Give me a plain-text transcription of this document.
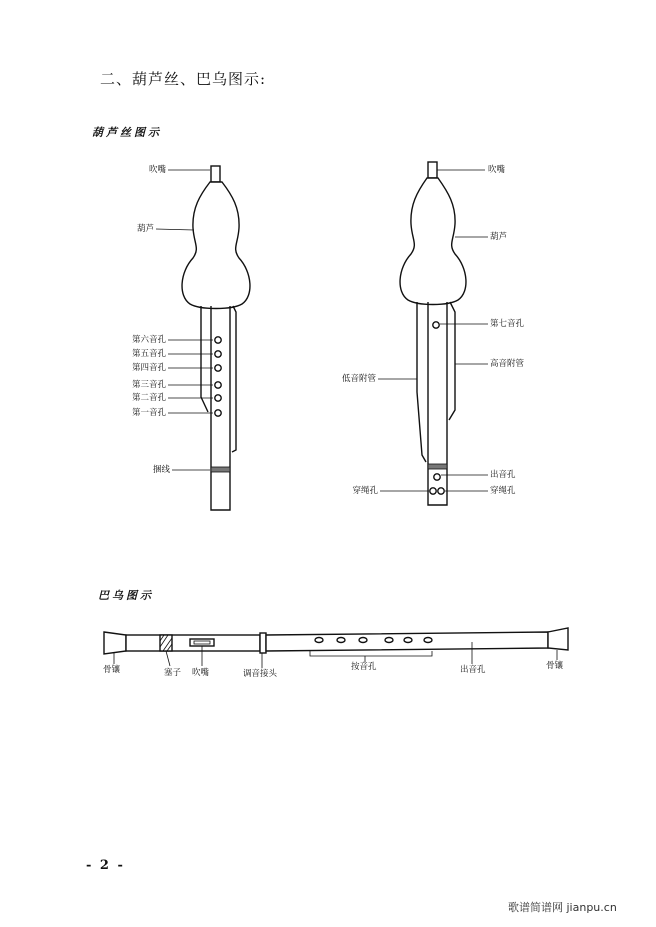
二、葫芦丝、巴乌图示:
葫芦丝图示
巴乌图示
吹嘴
葫芦
第六音孔
第五音孔
第四音孔
第三音孔
第二音孔
第一音孔
捆线
吹嘴
葫芦
第七音孔
高音附管
低音附管
出音孔
穿绳孔
穿绳孔
骨镶	塞子 吹嘴	调音接头
按音孔	出音孔	骨镶
- 2 -
歌谱简谱网 jianpu.cn
